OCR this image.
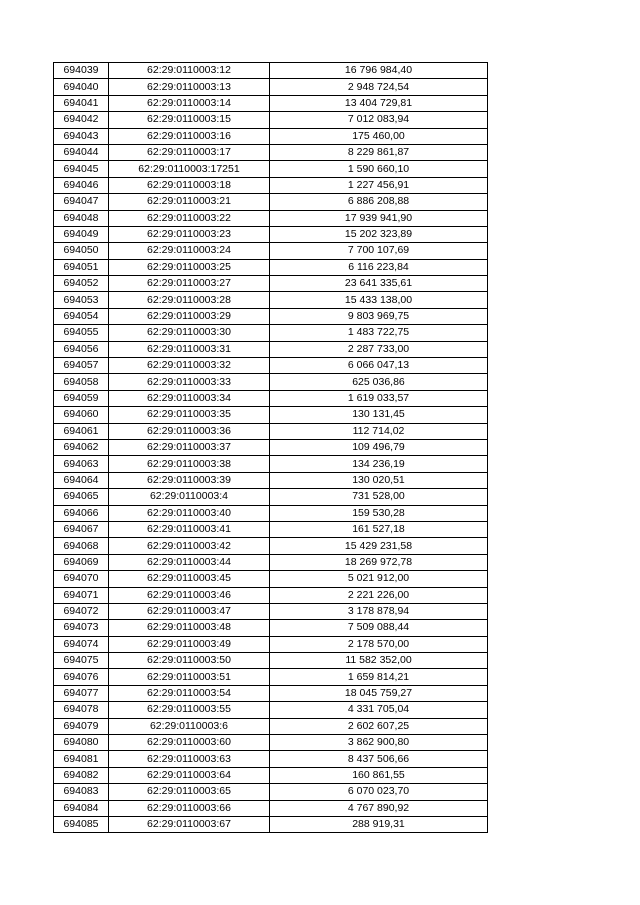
694039	62:29:0110003:12	16 796 984,40
694040	62:29:0110003:13	2 948 724,54
694041	62:29:0110003:14	13 404 729,81
694042	62:29:0110003:15	7 012 083,94
694043	62:29:0110003:16	175 460,00
694044	62:29:0110003:17	8 229 861,87
694045	62:29:0110003:17251	1 590 660,10
694046	62:29:0110003:18	1 227 456,91
694047	62:29:0110003:21	6 886 208,88
694048	62:29:0110003:22	17 939 941,90
694049	62:29:0110003:23	15 202 323,89
694050	62:29:0110003:24	7 700 107,69
694051	62:29:0110003:25	6 116 223,84
694052	62:29:0110003:27	23 641 335,61
694053	62:29:0110003:28	15 433 138,00
694054	62:29:0110003:29	9 803 969,75
694055	62:29:0110003:30	1 483 722,75
694056	62:29:0110003:31	2 287 733,00
694057	62:29:0110003:32	6 066 047,13
694058	62:29:0110003:33	625 036,86
694059	62:29:0110003:34	1 619 033,57
694060	62:29:0110003:35	130 131,45
694061	62:29:0110003:36	112 714,02
694062	62:29:0110003:37	109 496,79
694063	62:29:0110003:38	134 236,19
694064	62:29:0110003:39	130 020,51
694065	62:29:0110003:4	731 528,00
694066	62:29:0110003:40	159 530,28
694067	62:29:0110003:41	161 527,18
694068	62:29:0110003:42	15 429 231,58
694069	62:29:0110003:44	18 269 972,78
694070	62:29:0110003:45	5 021 912,00
694071	62:29:0110003:46	2 221 226,00
694072	62:29:0110003:47	3 178 878,94
694073	62:29:0110003:48	7 509 088,44
694074	62:29:0110003:49	2 178 570,00
694075	62:29:0110003:50	11 582 352,00
694076	62:29:0110003:51	1 659 814,21
694077	62:29:0110003:54	18 045 759,27
694078	62:29:0110003:55	4 331 705,04
694079	62:29:0110003:6	2 602 607,25
694080	62:29:0110003:60	3 862 900,80
694081	62:29:0110003:63	8 437 506,66
694082	62:29:0110003:64	160 861,55
694083	62:29:0110003:65	6 070 023,70
694084	62:29:0110003:66	4 767 890,92
694085	62:29:0110003:67	288 919,31
